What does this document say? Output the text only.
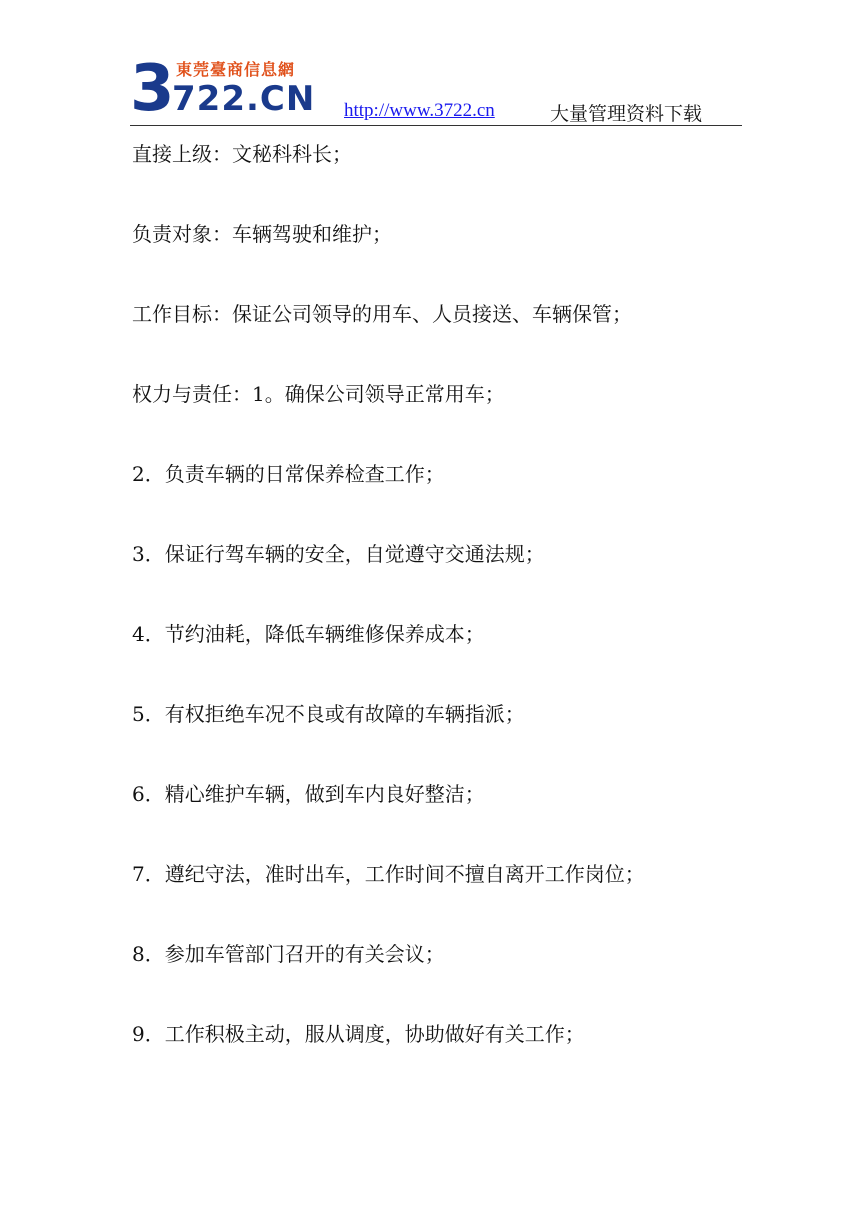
3 東莞臺商信息網
722.CN http://www.3722.cn	大量管理资料下载

直接上级：文秘科科长；

负责对象：车辆驾驶和维护；

工作目标：保证公司领导的用车、人员接送、车辆保管；

权力与责任：1。确保公司领导正常用车；

2．负责车辆的日常保养检查工作；

3．保证行驾车辆的安全，自觉遵守交通法规；

4．节约油耗，降低车辆维修保养成本；

5．有权拒绝车况不良或有故障的车辆指派；

6．精心维护车辆，做到车内良好整洁；

7．遵纪守法，准时出车，工作时间不擅自离开工作岗位；

8．参加车管部门召开的有关会议；

9．工作积极主动，服从调度，协助做好有关工作；
